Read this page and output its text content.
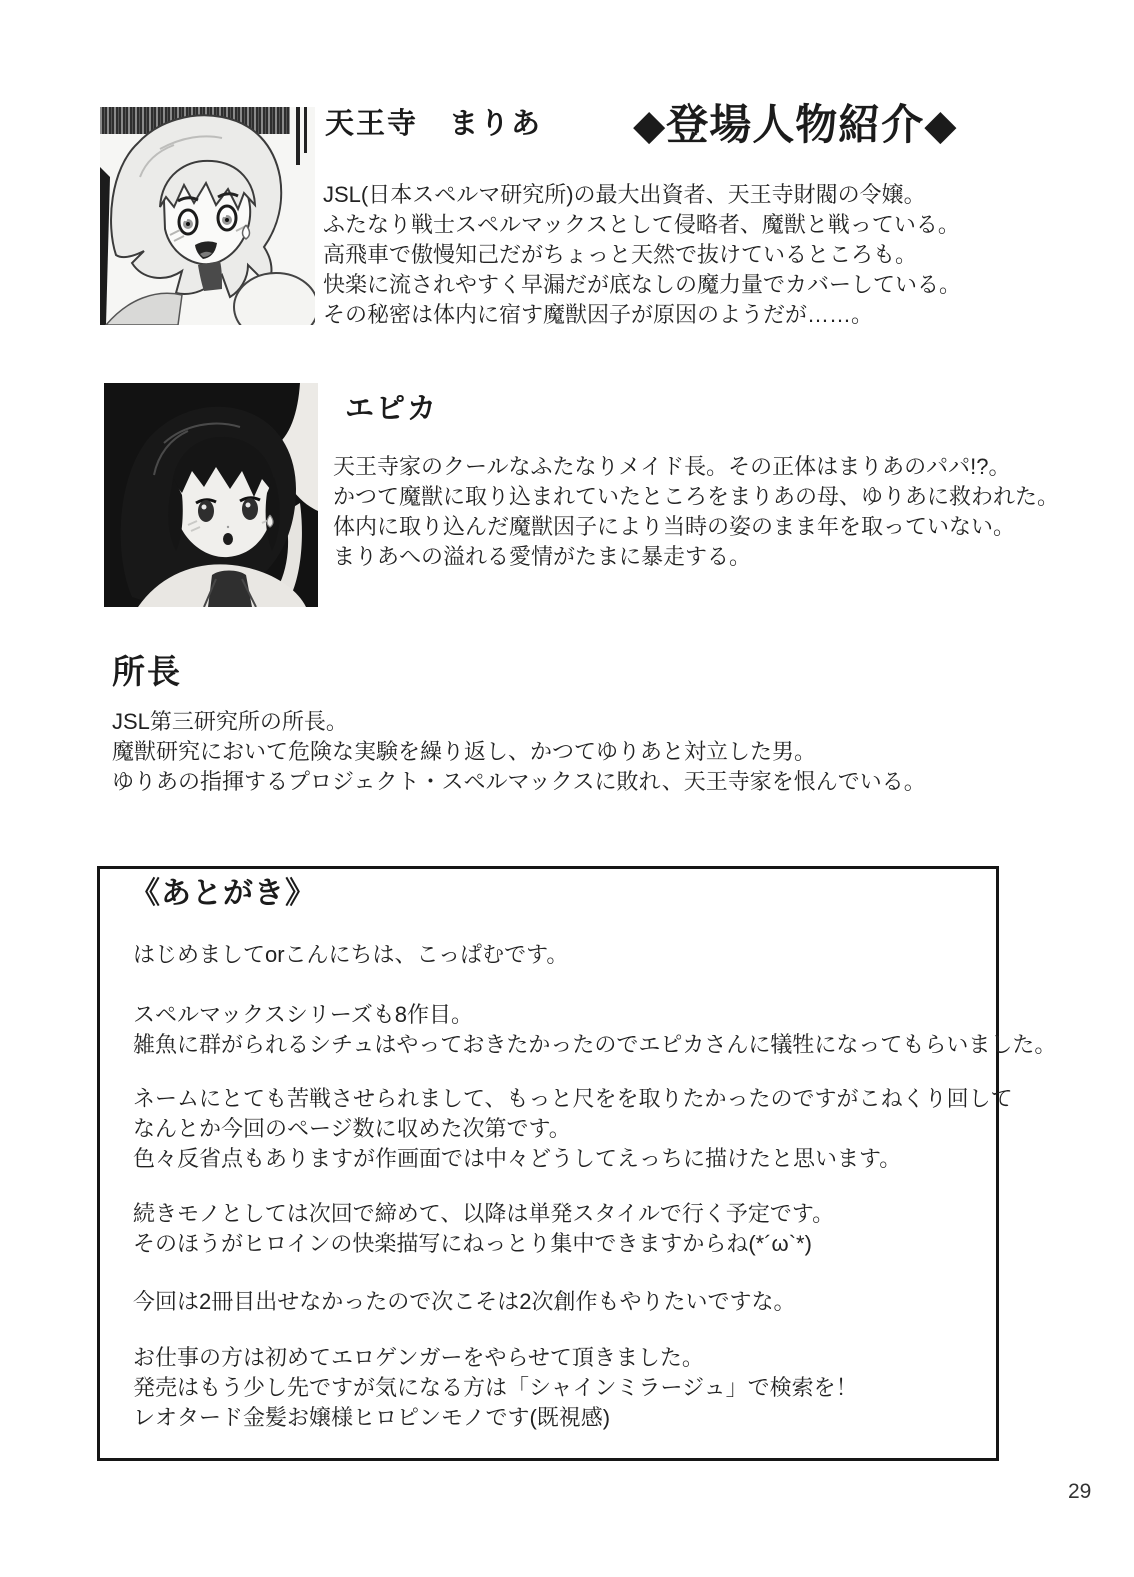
◆登場人物紹介◆
天王寺　まりあ
JSL(日本スペルマ研究所)の最大出資者、天王寺財閥の令嬢。
ふたなり戦士スペルマックスとして侵略者、魔獣と戦っている。
高飛車で傲慢知己だがちょっと天然で抜けているところも。
快楽に流されやすく早漏だが底なしの魔力量でカバーしている。
その秘密は体内に宿す魔獣因子が原因のようだが……。
エピカ
天王寺家のクールなふたなりメイド長。その正体はまりあのパパ!?。
かつて魔獣に取り込まれていたところをまりあの母、ゆりあに救われた。
体内に取り込んだ魔獣因子により当時の姿のまま年を取っていない。
まりあへの溢れる愛情がたまに暴走する。
所長
JSL第三研究所の所長。
魔獣研究において危険な実験を繰り返し、かつてゆりあと対立した男。
ゆりあの指揮するプロジェクト・スペルマックスに敗れ、天王寺家を恨んでいる。
《あとがき》
はじめましてorこんにちは、こっぱむです。
スペルマックスシリーズも8作目。
雑魚に群がられるシチュはやっておきたかったのでエピカさんに犠牲になってもらいました。
ネームにとても苦戦させられまして、もっと尺をを取りたかったのですがこねくり回して
なんとか今回のページ数に収めた次第です。
色々反省点もありますが作画面では中々どうしてえっちに描けたと思います。
続きモノとしては次回で締めて、以降は単発スタイルで行く予定です。
そのほうがヒロインの快楽描写にねっとり集中できますからね(*´ω`*)
今回は2冊目出せなかったので次こそは2次創作もやりたいですな。
お仕事の方は初めてエロゲンガーをやらせて頂きました。
発売はもう少し先ですが気になる方は「シャインミラージュ」で検索を！
レオタード金髪お嬢様ヒロピンモノです(既視感)
29
